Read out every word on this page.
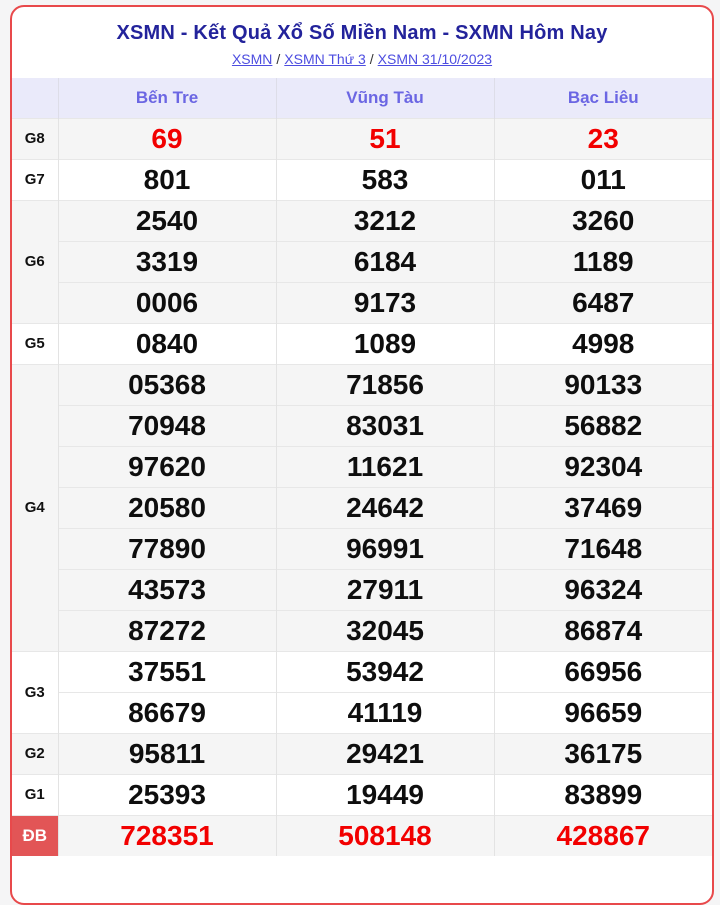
XSMN - Kết Quả Xổ Số Miền Nam - SXMN Hôm Nay
XSMN / XSMN Thứ 3 / XSMN 31/10/2023
	Bến Tre	Vũng Tàu	Bạc Liêu
G8	69	51	23
G7	801	583	011
G6	2540	3212	3260
	3319	6184	1189
	0006	9173	6487
G5	0840	1089	4998
G4	05368	71856	90133
	70948	83031	56882
	97620	11621	92304
	20580	24642	37469
	77890	96991	71648
	43573	27911	96324
	87272	32045	86874
G3	37551	53942	66956
	86679	41119	96659
G2	95811	29421	36175
G1	25393	19449	83899
ĐB	728351	508148	428867
